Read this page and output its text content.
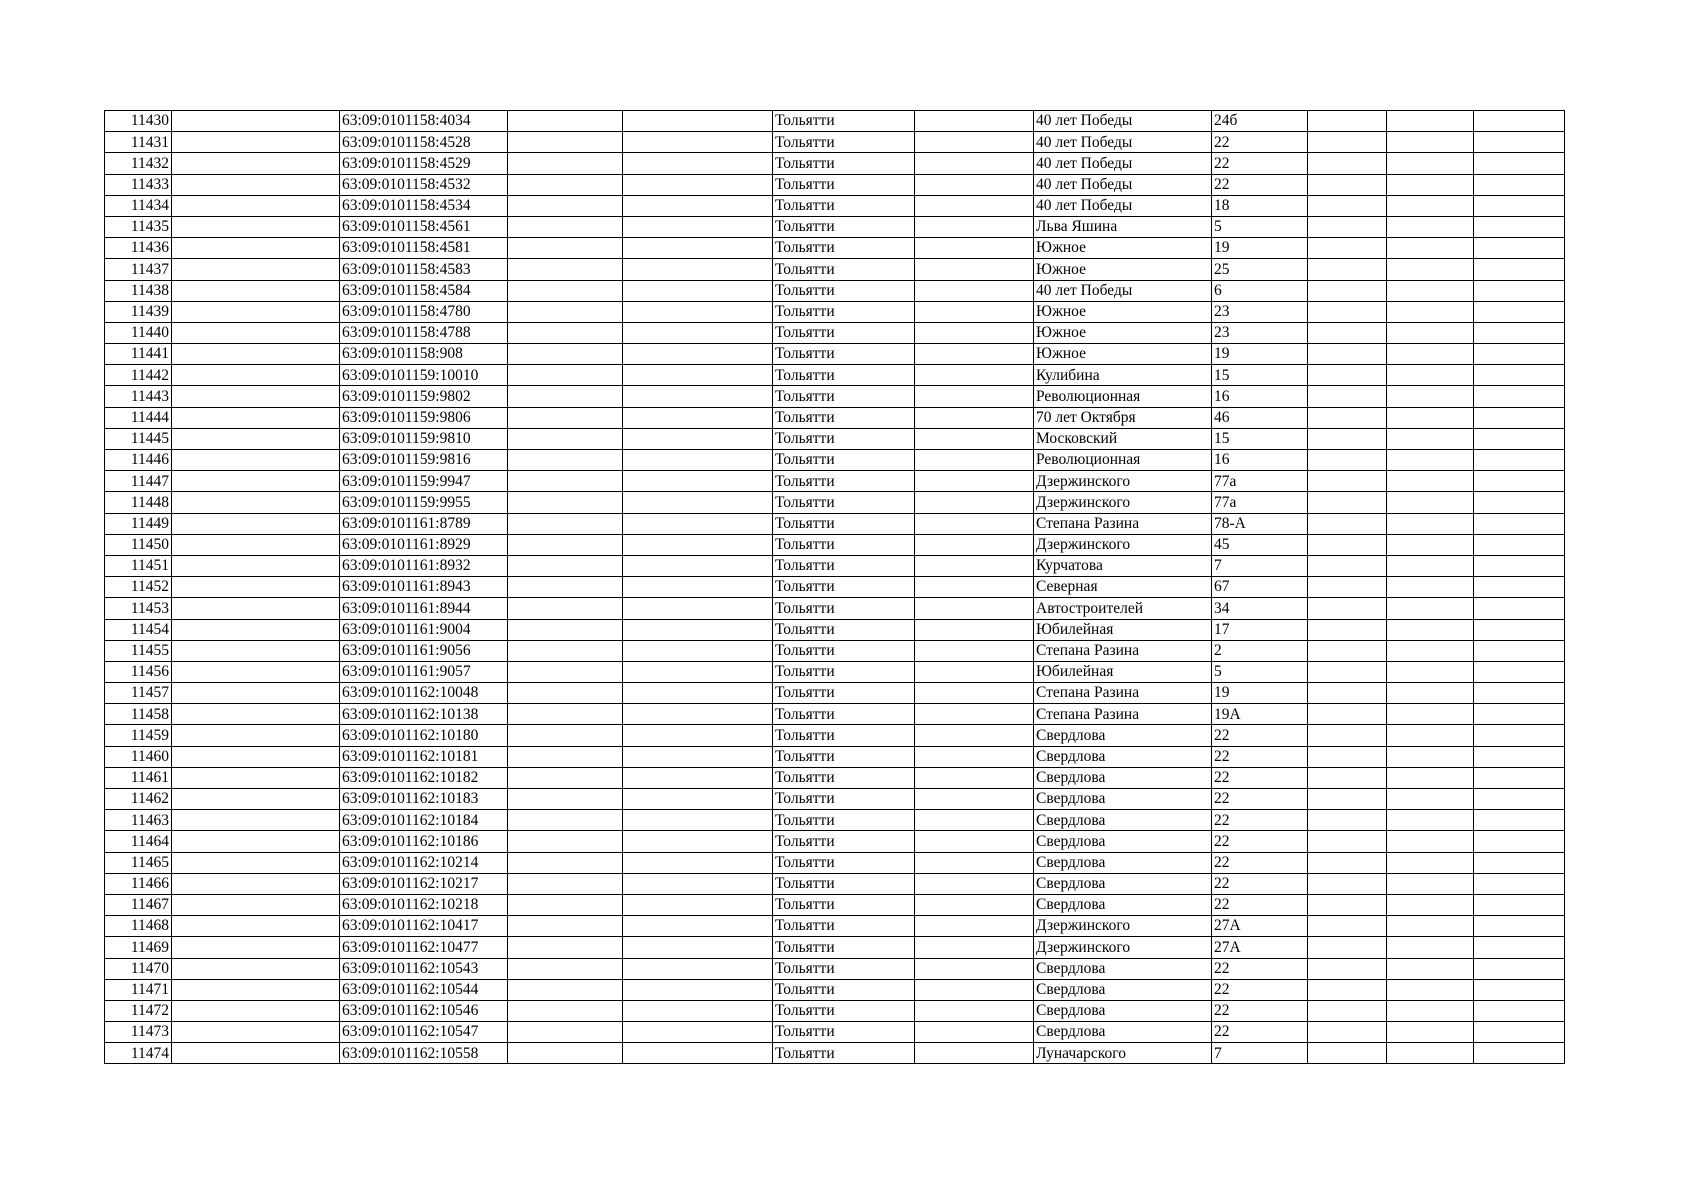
11430		63:09:0101158:4034			Тольятти		40 лет Победы	24б			
11431		63:09:0101158:4528			Тольятти		40 лет Победы	22			
11432		63:09:0101158:4529			Тольятти		40 лет Победы	22			
11433		63:09:0101158:4532			Тольятти		40 лет Победы	22			
11434		63:09:0101158:4534			Тольятти		40 лет Победы	18			
11435		63:09:0101158:4561			Тольятти		Льва Яшина	5			
11436		63:09:0101158:4581			Тольятти		Южное	19			
11437		63:09:0101158:4583			Тольятти		Южное	25			
11438		63:09:0101158:4584			Тольятти		40 лет Победы	6			
11439		63:09:0101158:4780			Тольятти		Южное	23			
11440		63:09:0101158:4788			Тольятти		Южное	23			
11441		63:09:0101158:908			Тольятти		Южное	19			
11442		63:09:0101159:10010			Тольятти		Кулибина	15			
11443		63:09:0101159:9802			Тольятти		Революционная	16			
11444		63:09:0101159:9806			Тольятти		70 лет Октября	46			
11445		63:09:0101159:9810			Тольятти		Московский	15			
11446		63:09:0101159:9816			Тольятти		Революционная	16			
11447		63:09:0101159:9947			Тольятти		Дзержинского	77а			
11448		63:09:0101159:9955			Тольятти		Дзержинского	77а			
11449		63:09:0101161:8789			Тольятти		Степана Разина	78-А			
11450		63:09:0101161:8929			Тольятти		Дзержинского	45			
11451		63:09:0101161:8932			Тольятти		Курчатова	7			
11452		63:09:0101161:8943			Тольятти		Северная	67			
11453		63:09:0101161:8944			Тольятти		Автостроителей	34			
11454		63:09:0101161:9004			Тольятти		Юбилейная	17			
11455		63:09:0101161:9056			Тольятти		Степана Разина	2			
11456		63:09:0101161:9057			Тольятти		Юбилейная	5			
11457		63:09:0101162:10048			Тольятти		Степана Разина	19			
11458		63:09:0101162:10138			Тольятти		Степана Разина	19А			
11459		63:09:0101162:10180			Тольятти		Свердлова	22			
11460		63:09:0101162:10181			Тольятти		Свердлова	22			
11461		63:09:0101162:10182			Тольятти		Свердлова	22			
11462		63:09:0101162:10183			Тольятти		Свердлова	22			
11463		63:09:0101162:10184			Тольятти		Свердлова	22			
11464		63:09:0101162:10186			Тольятти		Свердлова	22			
11465		63:09:0101162:10214			Тольятти		Свердлова	22			
11466		63:09:0101162:10217			Тольятти		Свердлова	22			
11467		63:09:0101162:10218			Тольятти		Свердлова	22			
11468		63:09:0101162:10417			Тольятти		Дзержинского	27А			
11469		63:09:0101162:10477			Тольятти		Дзержинского	27А			
11470		63:09:0101162:10543			Тольятти		Свердлова	22			
11471		63:09:0101162:10544			Тольятти		Свердлова	22			
11472		63:09:0101162:10546			Тольятти		Свердлова	22			
11473		63:09:0101162:10547			Тольятти		Свердлова	22			
11474		63:09:0101162:10558			Тольятти		Луначарского	7			
